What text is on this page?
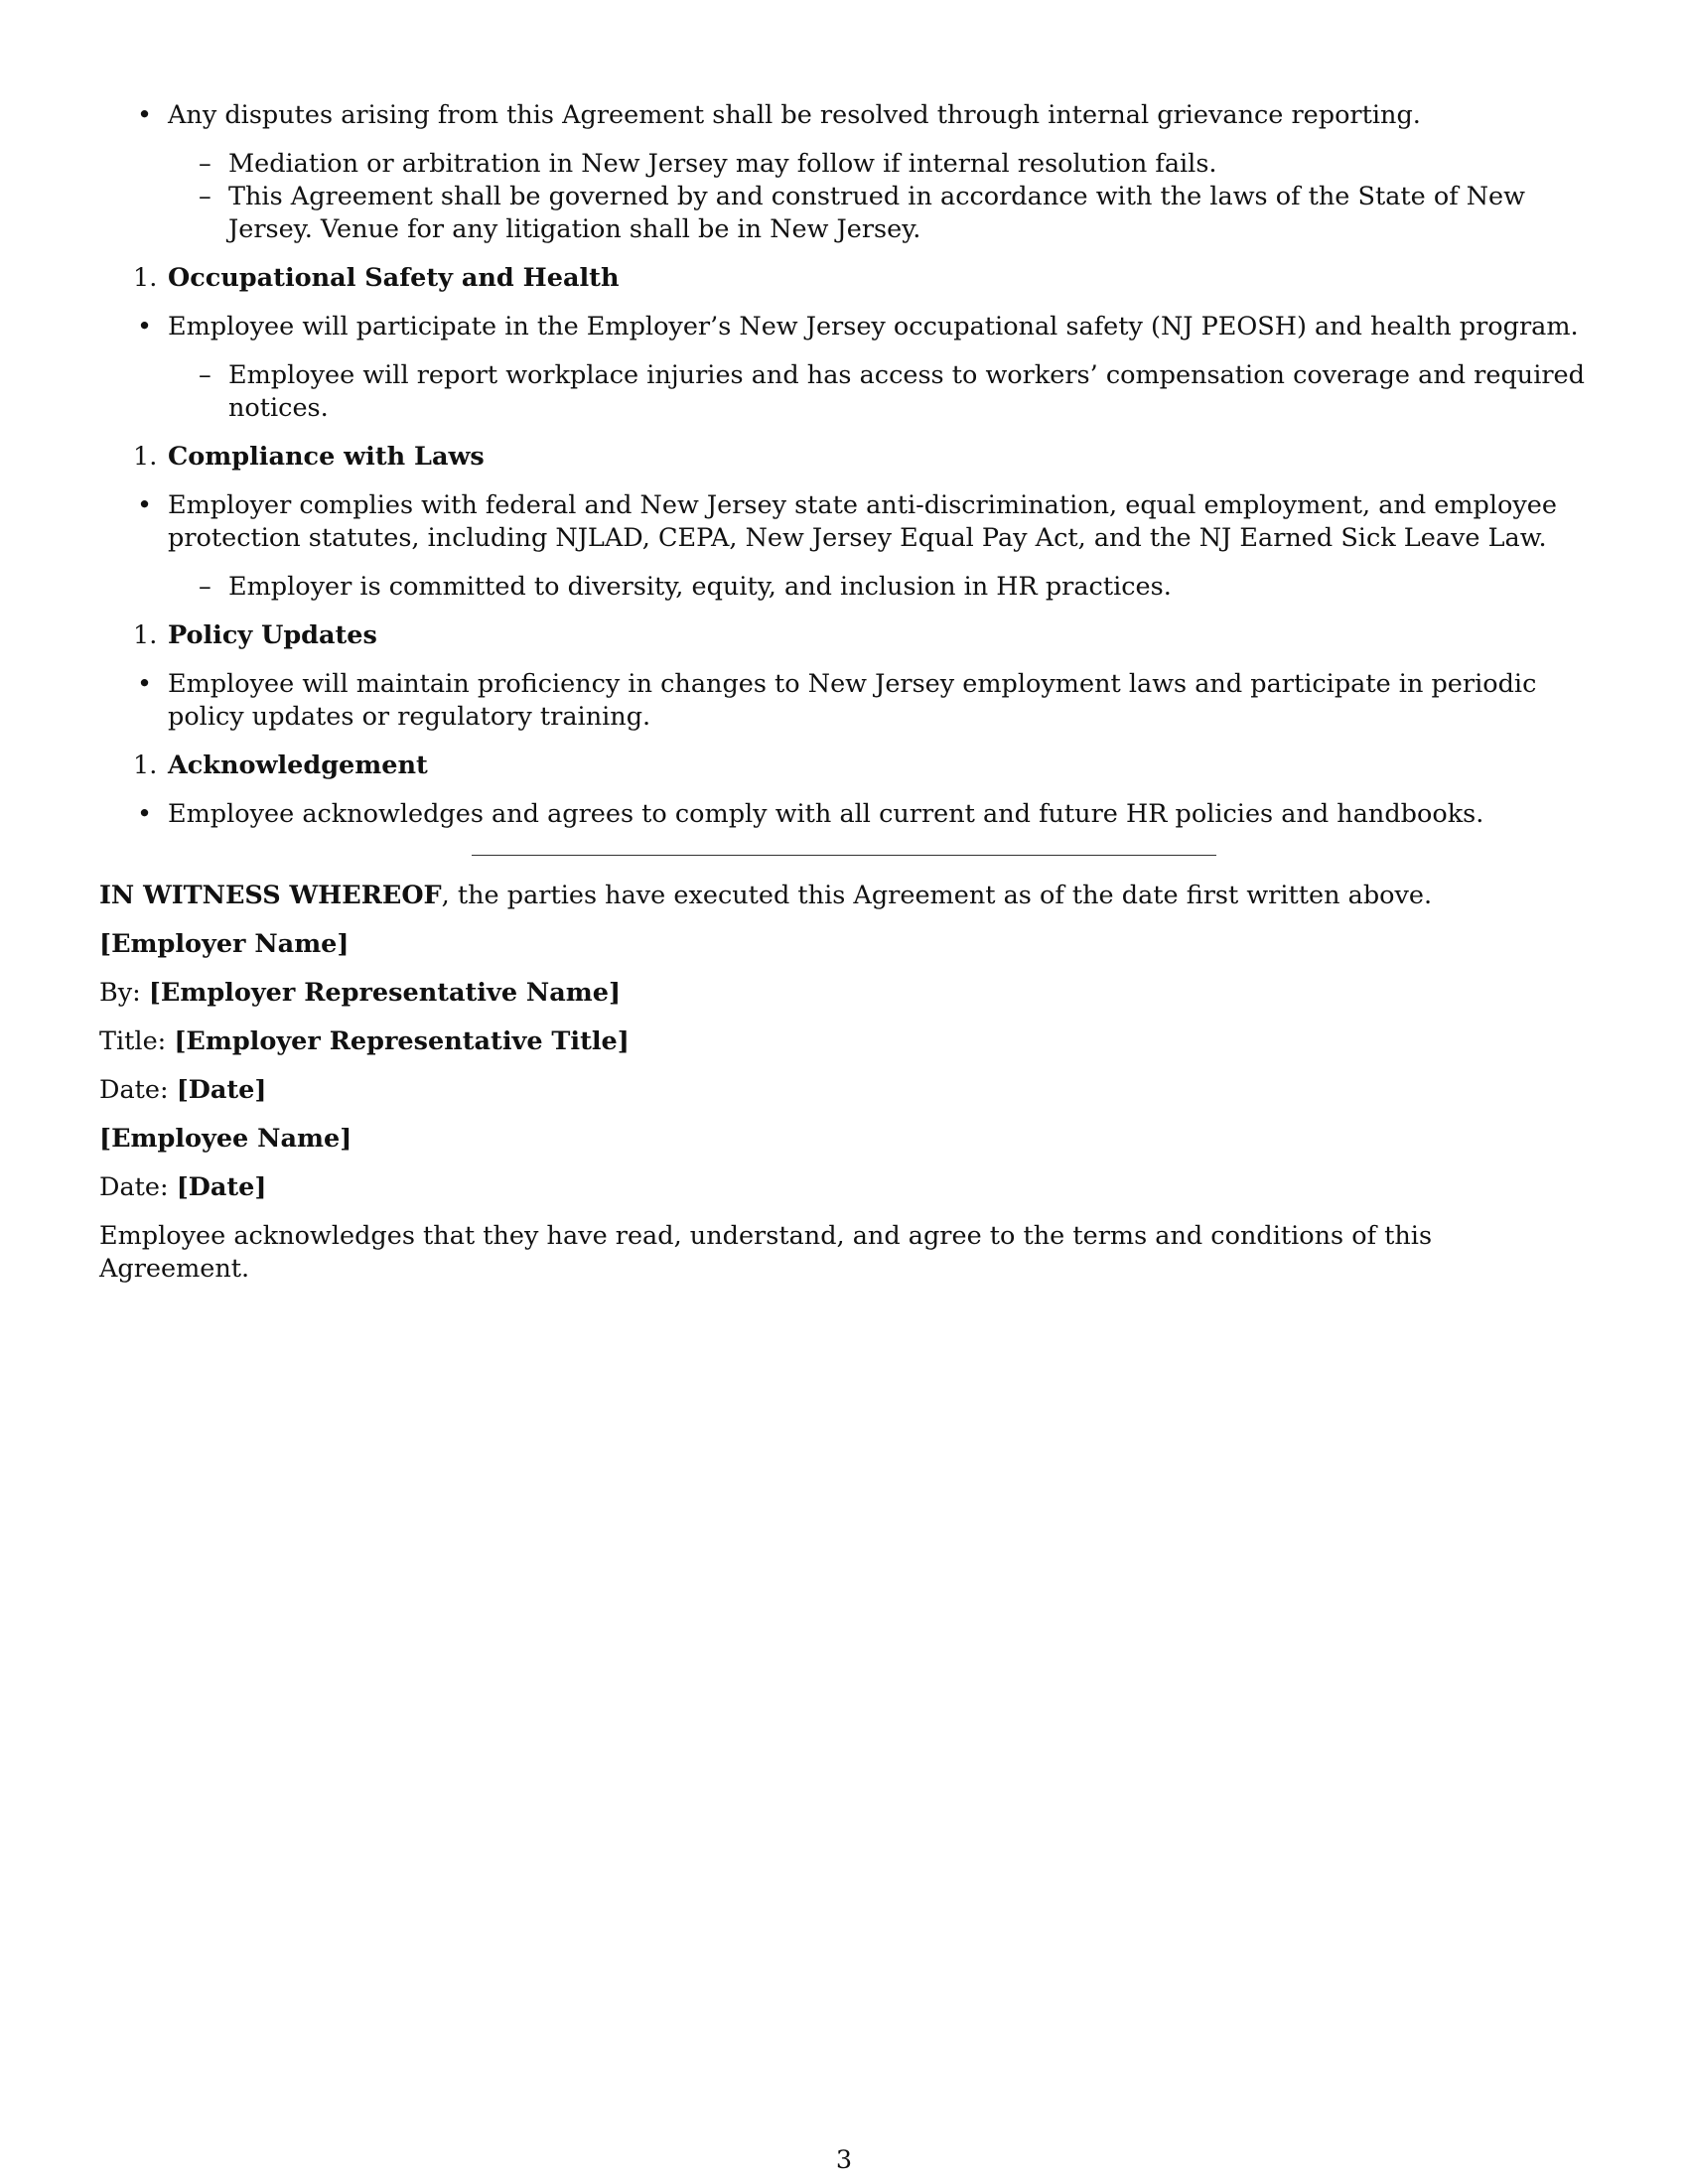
• Any disputes arising from this Agreement shall be resolved through internal grievance reporting.
– Mediation or arbitration in New Jersey may follow if internal resolution fails.
– This Agreement shall be governed by and construed in accordance with the laws of the State of New Jersey. Venue for any litigation shall be in New Jersey.
1. Occupational Safety and Health
• Employee will participate in the Employer’s New Jersey occupational safety (NJ PEOSH) and health program.
– Employee will report workplace injuries and has access to workers’ compensation coverage and required notices.
1. Compliance with Laws
• Employer complies with federal and New Jersey state anti-discrimination, equal employment, and employee protection statutes, including NJLAD, CEPA, New Jersey Equal Pay Act, and the NJ Earned Sick Leave Law.
– Employer is committed to diversity, equity, and inclusion in HR practices.
1. Policy Updates
• Employee will maintain proficiency in changes to New Jersey employment laws and participate in periodic policy updates or regulatory training.
1. Acknowledgement
• Employee acknowledges and agrees to comply with all current and future HR policies and handbooks.

IN WITNESS WHEREOF, the parties have executed this Agreement as of the date first written above.

[Employer Name]

By: [Employer Representative Name]

Title: [Employer Representative Title]

Date: [Date]

[Employee Name]

Date: [Date]

Employee acknowledges that they have read, understand, and agree to the terms and conditions of this Agreement.

3
